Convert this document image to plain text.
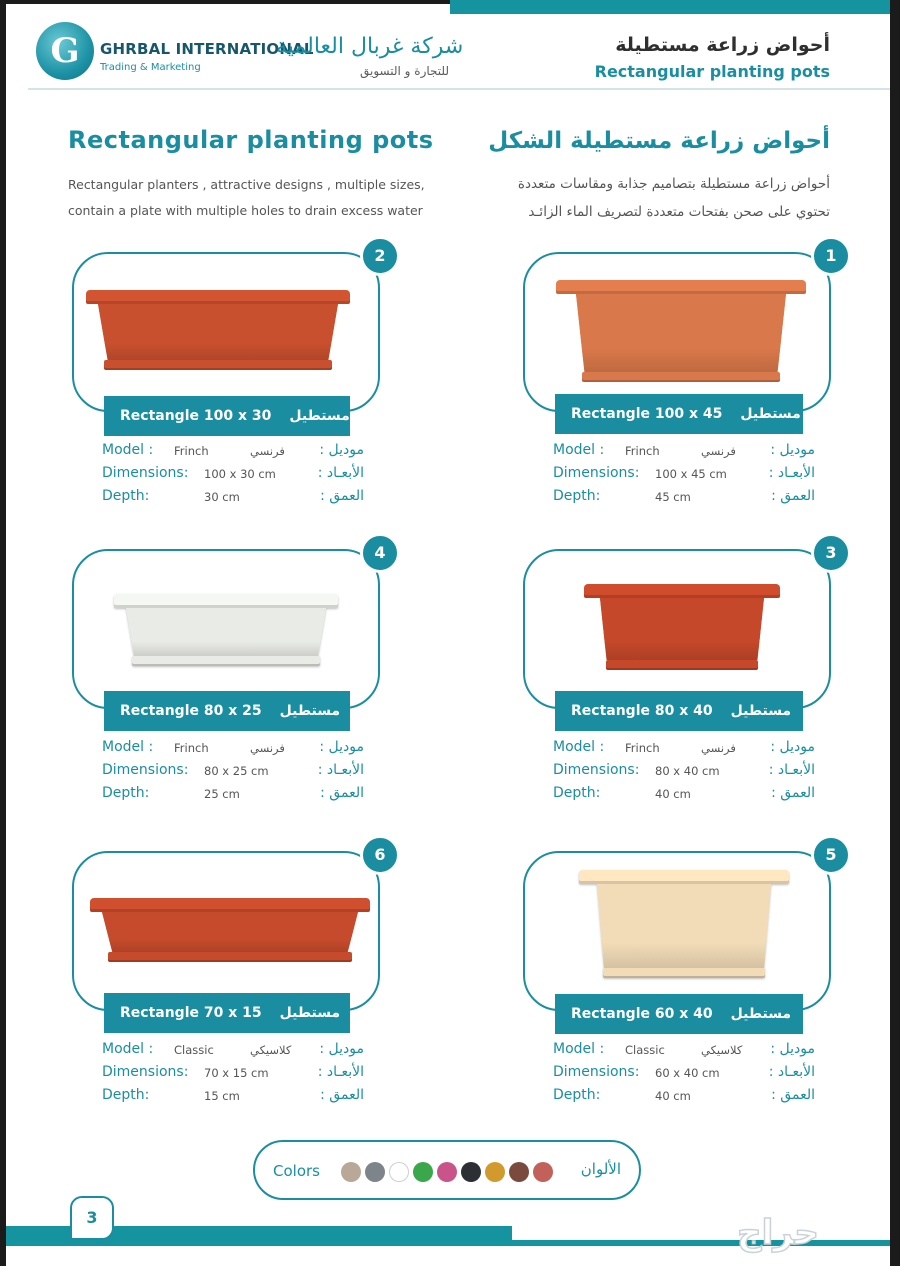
G	GHRBAL INTERNATIONAL
Trading & Marketing
شركة غربال العالمية
للتجارة و التسويق
أحواض زراعة مستطيلة
Rectangular planting pots
Rectangular planting pots أحواض زراعة مستطيلة الشكل
Rectangular planters , attractive designs , multiple sizes,
contain a plate with multiple holes to drain excess water
أحواض زراعة مستطيلة بتصاميم جذابة ومقاسات متعددة
تحتوي على صحن بفتحات متعددة لتصريف الماء الزائـد
1
Rectangle 100 x 45 مستطيل
Model : Frinch	فرنسي موديل :
Dimensions: 100 x 45 cm	الأبعـاد :
Depth:	45 cm	العمق :
2
Rectangle 100 x 30 مستطيل
Model : Frinch	فرنسي موديل :
Dimensions: 100 x 30 cm	الأبعـاد :
Depth:	30 cm	العمق :
3
Rectangle 80 x 40 مستطيل
Model : Frinch	فرنسي موديل :
Dimensions: 80 x 40 cm	الأبعـاد :
Depth:	40 cm	العمق :
4
Rectangle 80 x 25 مستطيل
Model : Frinch	فرنسي موديل :
Dimensions: 80 x 25 cm	الأبعـاد :
Depth:	25 cm	العمق :
5
Rectangle 60 x 40 مستطيل
Model : Classic	كلاسيكي موديل :
Dimensions: 60 x 40 cm	الأبعـاد :
Depth:	40 cm	العمق :
6
Rectangle 70 x 15 مستطيل
Model : Classic	كلاسيكي موديل :
Dimensions: 70 x 15 cm	الأبعـاد :
Depth:	15 cm	العمق :
Colors	الألوان
3	حراج
